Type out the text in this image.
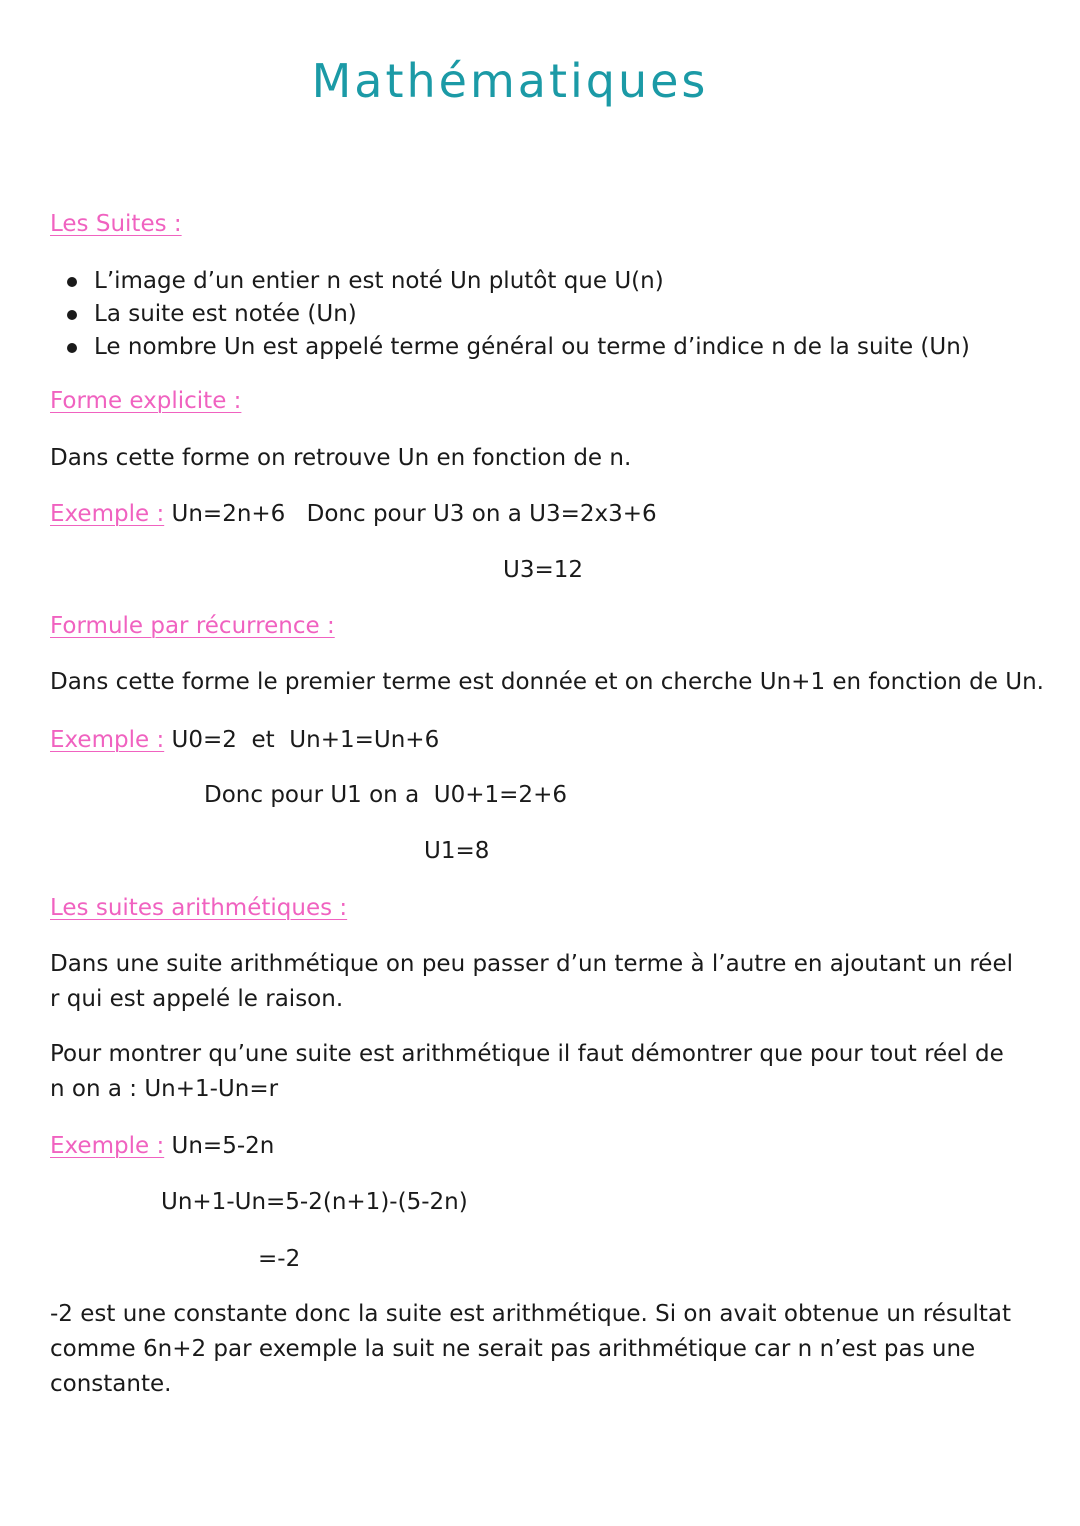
Mathématiques
Les Suites :
L’image d’un entier n est noté Un plutôt que U(n)
La suite est notée (Un)
Le nombre Un est appelé terme général ou terme d’indice n de la suite (Un)
Forme explicite :
Dans cette forme on retrouve Un en fonction de n.
Exemple : Un=2n+6 Donc pour U3 on a U3=2x3+6
U3=12
Formule par récurrence :
Dans cette forme le premier terme est donnée et on cherche Un+1 en fonction de Un.
Exemple : U0=2  et  Un+1=Un+6
Donc pour U1 on a  U0+1=2+6
U1=8
Les suites arithmétiques :
Dans une suite arithmétique on peu passer d’un terme à l’autre en ajoutant un réel r qui est appelé le raison.
Pour montrer qu’une suite est arithmétique il faut démontrer que pour tout réel de n on a : Un+1-Un=r
Exemple : Un=5-2n
Un+1-Un=5-2(n+1)-(5-2n)
=-2
-2 est une constante donc la suite est arithmétique. Si on avait obtenue un résultat comme 6n+2 par exemple la suit ne serait pas arithmétique car n n’est pas une constante.
